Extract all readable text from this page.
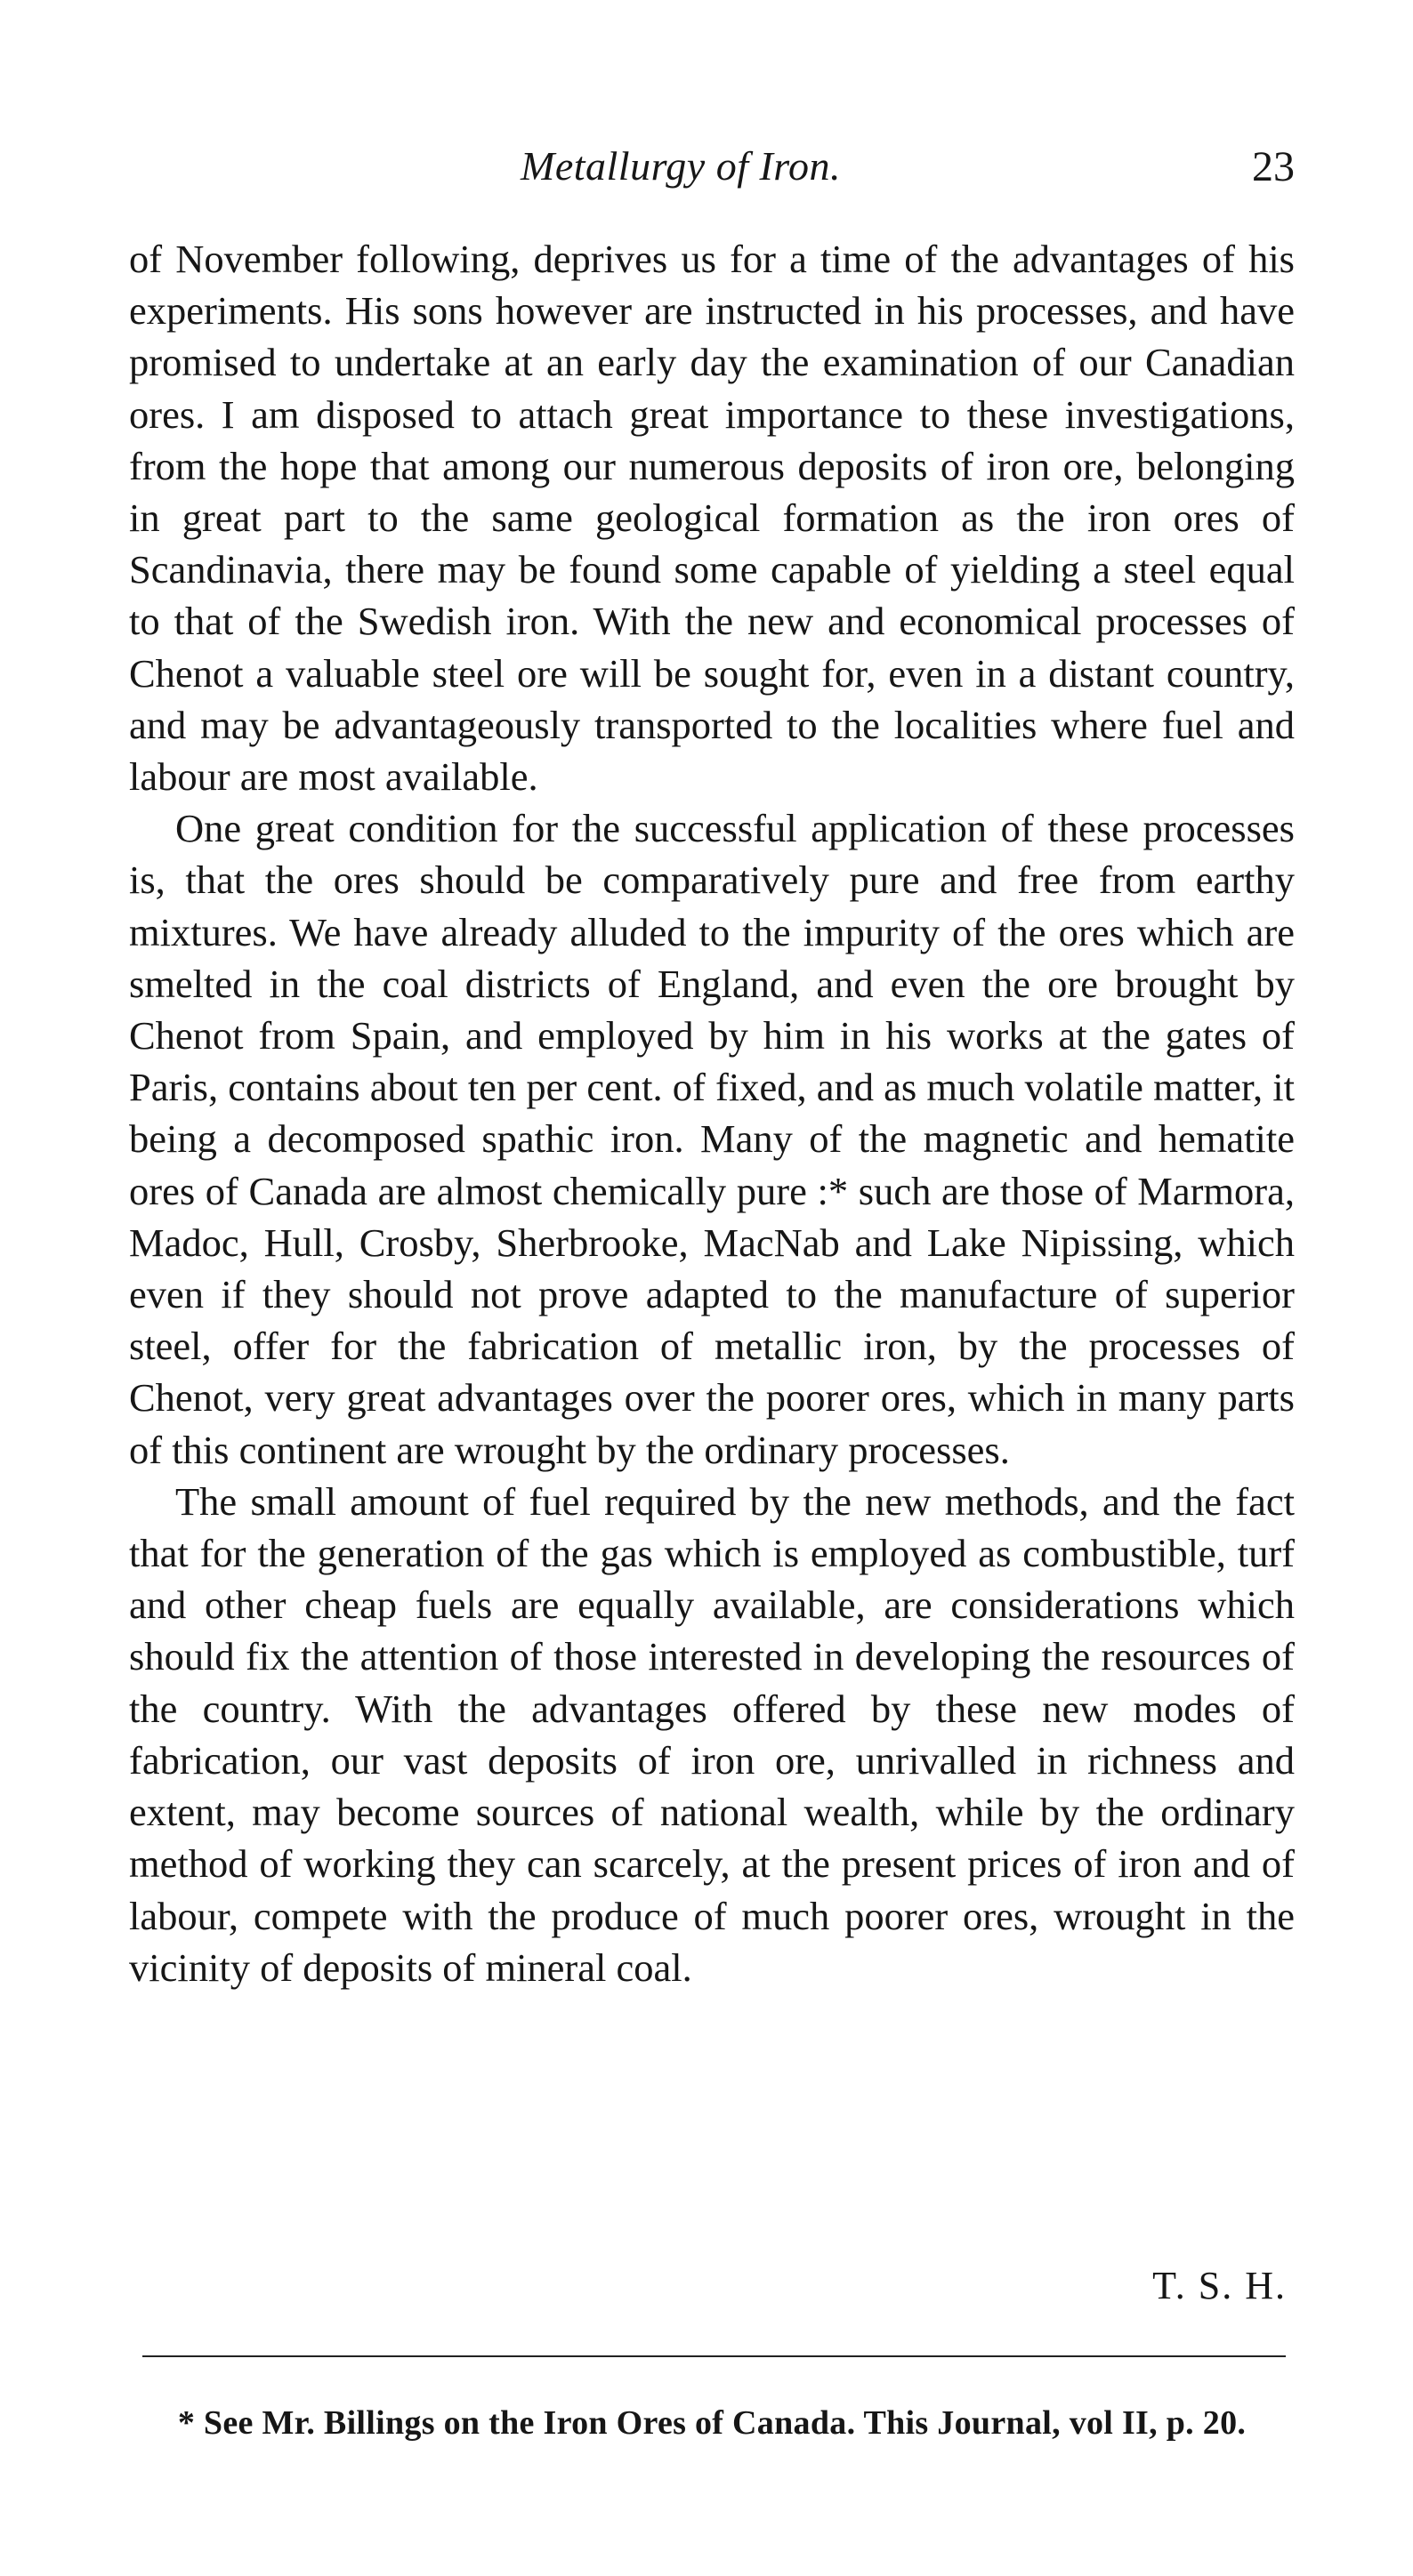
Metallurgy of Iron.	23

of November following, deprives us for a time of the advantages of his experiments. His sons however are instructed in his processes, and have promised to undertake at an early day the examination of our Canadian ores. I am disposed to attach great importance to these investigations, from the hope that among our numerous deposits of iron ore, belonging in great part to the same geological formation as the iron ores of Scandinavia, there may be found some capable of yielding a steel equal to that of the Swedish iron. With the new and economical processes of Chenot a valuable steel ore will be sought for, even in a distant country, and may be advantageously transported to the localities where fuel and labour are most available.

One great condition for the successful application of these processes is, that the ores should be comparatively pure and free from earthy mixtures. We have already alluded to the impurity of the ores which are smelted in the coal districts of England, and even the ore brought by Chenot from Spain, and employed by him in his works at the gates of Paris, contains about ten per cent. of fixed, and as much volatile matter, it being a decomposed spathic iron. Many of the magnetic and hematite ores of Canada are almost chemically pure :* such are those of Marmora, Madoc, Hull, Crosby, Sherbrooke, MacNab and Lake Nipissing, which even if they should not prove adapted to the manufacture of superior steel, offer for the fabrication of metallic iron, by the processes of Chenot, very great advantages over the poorer ores, which in many parts of this continent are wrought by the ordinary processes.

The small amount of fuel required by the new methods, and the fact that for the generation of the gas which is employed as combustible, turf and other cheap fuels are equally available, are considerations which should fix the attention of those interested in developing the resources of the country. With the advantages offered by these new modes of fabrication, our vast deposits of iron ore, unrivalled in richness and extent, may become sources of national wealth, while by the ordinary method of working they can scarcely, at the present prices of iron and of labour, compete with the produce of much poorer ores, wrought in the vicinity of deposits of mineral coal.

T. S. H.
* See Mr. Billings on the Iron Ores of Canada. This Journal, vol II, p. 20.
